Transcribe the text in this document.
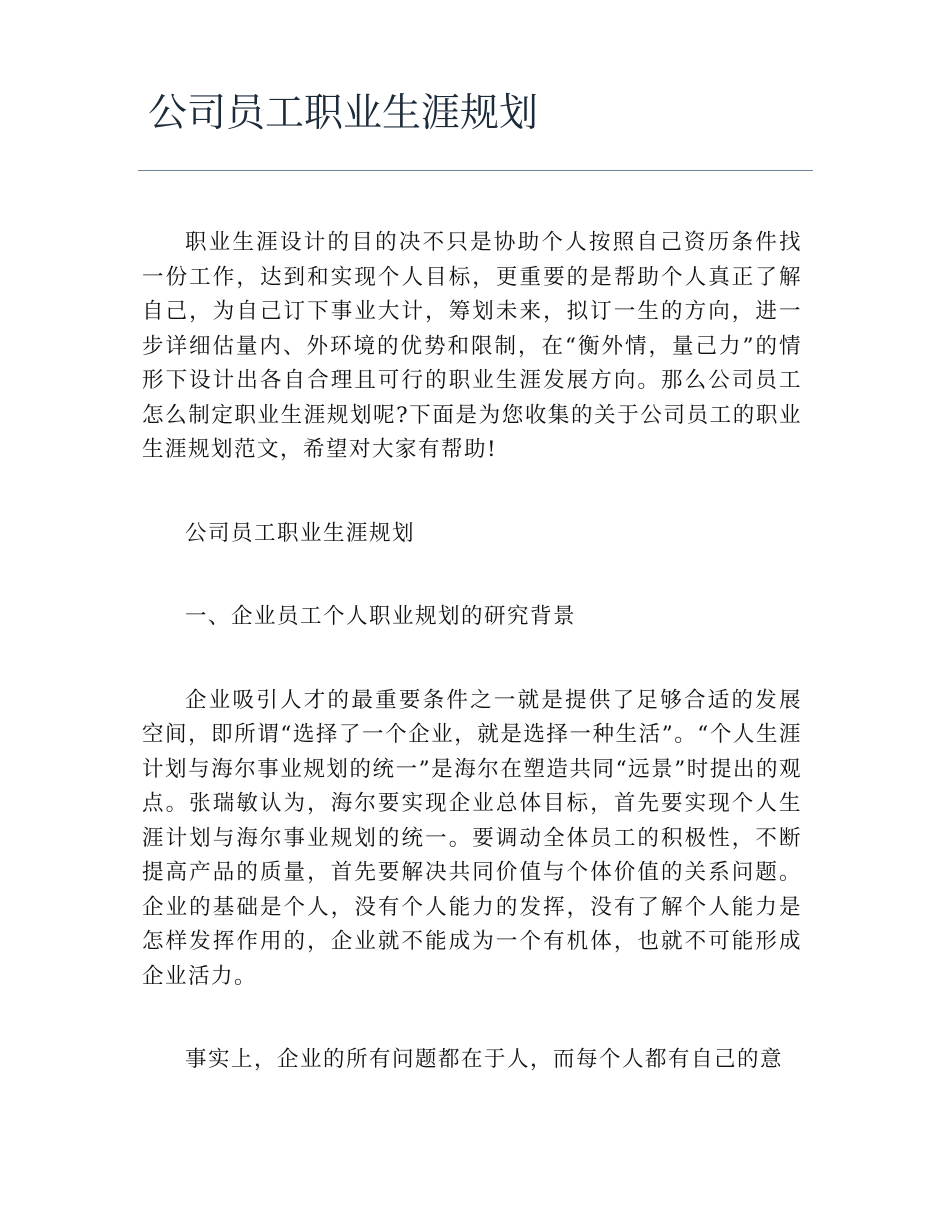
公司员工职业生涯规划

职业生涯设计的目的决不只是协助个人按照自己资历条件找一份工作，达到和实现个人目标，更重要的是帮助个人真正了解自己，为自己订下事业大计，筹划未来，拟订一生的方向，进一步详细估量内、外环境的优势和限制，在“衡外情，量己力”的情形下设计出各自合理且可行的职业生涯发展方向。那么公司员工怎么制定职业生涯规划呢?下面是为您收集的关于公司员工的职业生涯规划范文，希望对大家有帮助!

公司员工职业生涯规划

一、企业员工个人职业规划的研究背景

企业吸引人才的最重要条件之一就是提供了足够合适的发展空间，即所谓“选择了一个企业，就是选择一种生活”。“个人生涯计划与海尔事业规划的统一”是海尔在塑造共同“远景”时提出的观点。张瑞敏认为，海尔要实现企业总体目标，首先要实现个人生涯计划与海尔事业规划的统一。要调动全体员工的积极性，不断提高产品的质量，首先要解决共同价值与个体价值的关系问题。企业的基础是个人，没有个人能力的发挥，没有了解个人能力是怎样发挥作用的，企业就不能成为一个有机体，也就不可能形成企业活力。

事实上，企业的所有问题都在于人，而每个人都有自己的意
